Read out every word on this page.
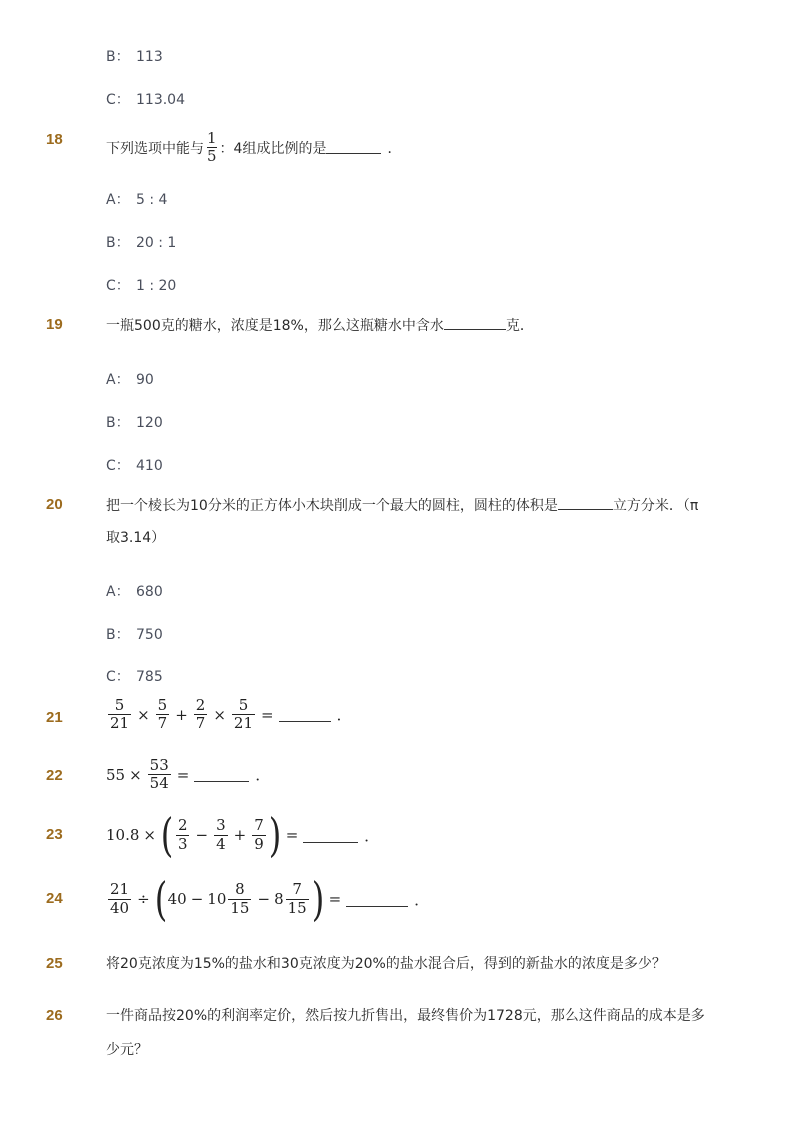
B： 113
C： 113.04
18
下列选项中能与
1
5 ：4组成比例的是	．
A： 5 : 4
B： 20 : 1
C： 1 : 20
19	一瓶500克的糖水，浓度是18%，那么这瓶糖水中含水	克．
A： 90
B： 120
C： 410
20	把一个棱长为10分米的正方体小木块削成一个最大的圆柱，圆柱的体积是	立方分米．（π
取3.14）
A： 680
B： 750
C： 785
21	$\frac{5}{21} \times \frac{5}{7} + \frac{2}{7} \times \frac{5}{21}$ =	．
22	$55 \times \frac{53}{54}$ =	．
23	10.8 × ( $\frac{2}{3} - \frac{3}{4} + \frac{7}{9}$ ) =	．
24	$\frac{21}{40}$ ÷ ( $40 - 10 \frac{8}{15} - 8 \frac{7}{15}$ ) =	．
25	将20克浓度为15%的盐水和30克浓度为20%的盐水混合后，得到的新盐水的浓度是多少？
26	一件商品按20%的利润率定价，然后按九折售出，最终售价为1728元，那么这件商品的成本是多
少元？
